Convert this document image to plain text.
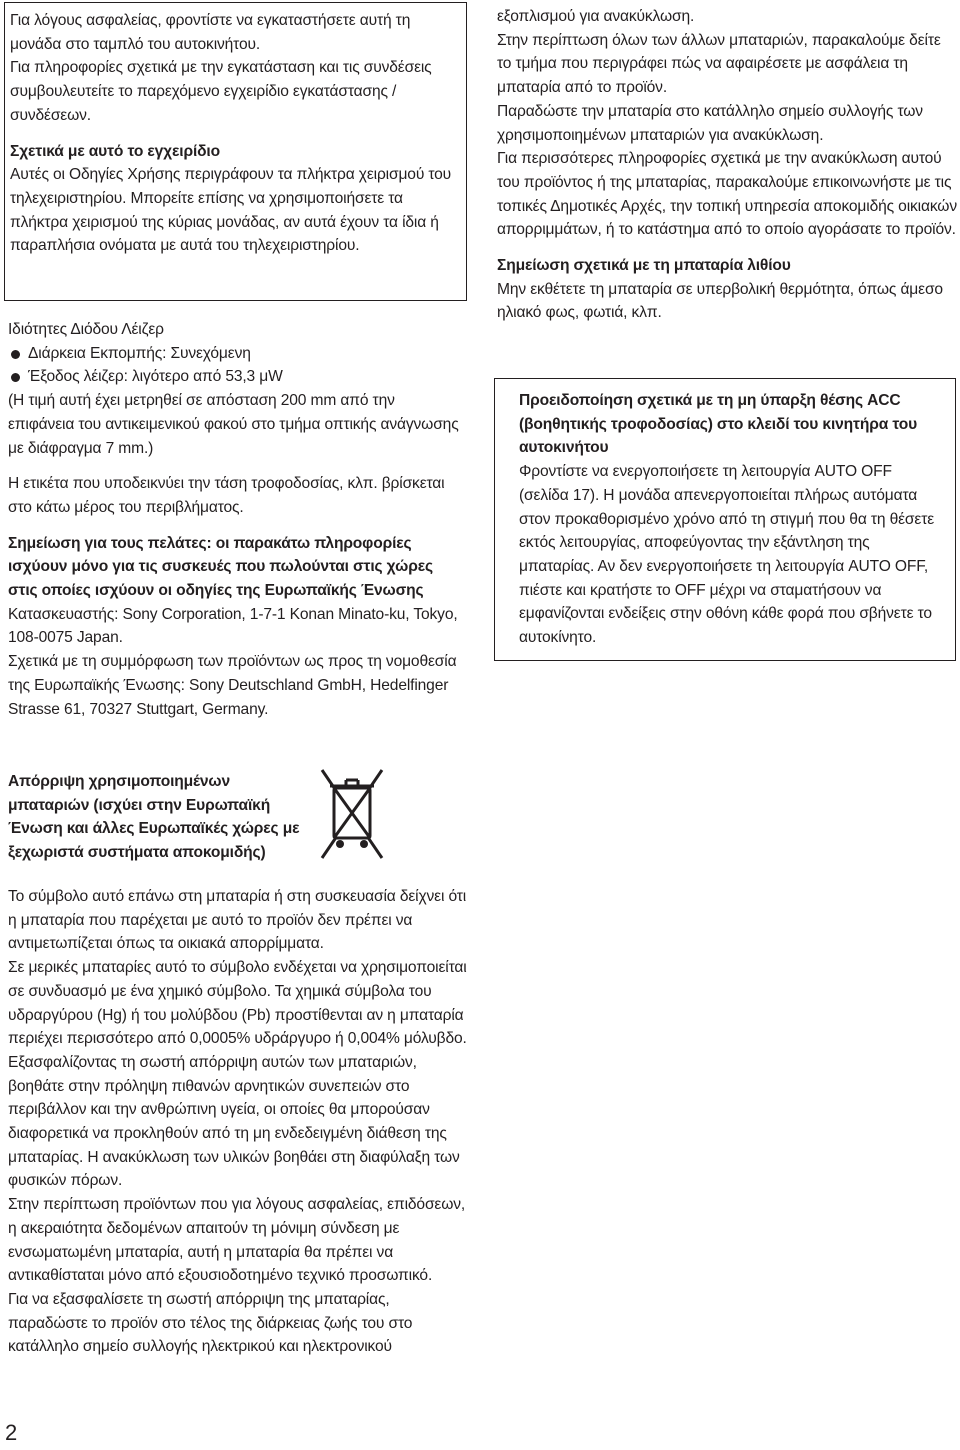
Για λόγους ασφαλείας, φροντίστε να εγκαταστήσετε αυτή τη μονάδα στο ταμπλό του αυτοκινήτου.

Για πληροφορίες σχετικά με την εγκατάσταση και τις συνδέσεις συμβουλευτείτε το παρεχόμενο εγχειρίδιο εγκατάστασης / συνδέσεων.

Σχετικά με αυτό το εγχειρίδιο

Αυτές οι Οδηγίες Χρήσης περιγράφουν τα πλήκτρα χειρισμού του τηλεχειριστηρίου. Μπορείτε επίσης να χρησιμοποιήσετε τα πλήκτρα χειρισμού της κύριας μονάδας, αν αυτά έχουν τα ίδια ή παρaπλήσια ονόματα με αυτά του τηλεχειριστηρίου.

Ιδιότητες Διόδου Λέιζερ

Διάρκεια Εκπομπής: Συνεχόμενη
Έξοδος λέιζερ: λιγότερο από 53,3 μW

(Η τιμή αυτή έχει μετρηθεί σε απόσταση 200 mm από την επιφάνεια του αντικειμενικού φακού στο τμήμα οπτικής ανάγνωσης με διάφραγμα 7 mm.)

Η ετικέτα που υποδεικνύει την τάση τροφοδοσίας, κλπ. βρίσκεται στο κάτω μέρος του περιβλήματος.

Σημείωση για τους πελάτες: οι παρακάτω πληροφορίες ισχύουν μόνο για τις συσκευές που πωλούνται στις χώρες στις οποίες ισχύουν οι οδηγίες της Ευρωπαϊκής Ένωσης

Κατασκευαστής: Sony Corporation, 1-7-1 Konan Minato-ku, Tokyo, 108-0075 Japan.

Σχετικά με τη συμμόρφωση των προϊόντων ως προς τη νομοθεσία της Ευρωπαϊκής Ένωσης: Sony Deutschland GmbH, Hedelfinger Strasse 61, 70327 Stuttgart, Germany.

Απόρριψη χρησιμοποιημένων μπαταριών (ισχύει στην Ευρωπαϊκή Ένωση και άλλες Ευρωπαϊκές χώρες με ξεχωριστά συστήματα αποκομιδής)

Το σύμβολο αυτό επάνω στη μπαταρία ή στη συσκευασία δείχνει ότι η μπαταρία που παρέχεται με αυτό το προϊόν δεν πρέπει να αντιμετωπίζεται όπως τα οικιακά απορρίμματα.

Σε μερικές μπαταρίες αυτό το σύμβολο ενδέχεται να χρησιμοποιείται σε συνδυασμό με ένα χημικό σύμβολο. Τα χημικά σύμβολα του υδραργύρου (Hg) ή του μολύβδου (Pb) προστίθενται αν η μπαταρία περιέχει περισσότερο από 0,0005% υδράργυρο ή 0,004% μόλυβδο.

Εξασφαλίζοντας τη σωστή απόρριψη αυτών των μπαταριών, βοηθάτε στην πρόληψη πιθανών αρνητικών συνεπειών στο περιβάλλον και την ανθρώπινη υγεία, οι οποίες θα μπορούσαν διαφορετικά να προκληθούν από τη μη ενδεδειγμένη διάθεση της μπαταρίας. Η ανακύκλωση των υλικών βοηθάει στη διαφύλαξη των φυσικών πόρων.

Στην περίπτωση προϊόντων που για λόγους ασφαλείας, επιδόσεων, η ακεραιότητα δεδομένων απαιτούν τη μόνιμη σύνδεση με ενσωματωμένη μπαταρία, αυτή η μπαταρία θα πρέπει να αντικαθίσταται μόνο από εξουσιοδοτημένο τεχνικό προσωπικό.

Για να εξασφαλίσετε τη σωστή απόρριψη της μπαταρίας, παραδώστε το προϊόν στο τέλος της διάρκειας ζωής του στο κατάλληλο σημείο συλλογής ηλεκτρικού και ηλεκτρονικού

εξοπλισμού για ανακύκλωση.

Στην περίπτωση όλων των άλλων μπαταριών, παρακαλούμε δείτε το τμήμα που περιγράφει πώς να αφαιρέσετε με ασφάλεια τη μπαταρία από το προϊόν.

Παραδώστε την μπαταρία στο κατάλληλο σημείο συλλογής των χρησιμοποιημένων μπαταριών για ανακύκλωση.

Για περισσότερες πληροφορίες σχετικά με την ανακύκλωση αυτού του προϊόντος ή της μπαταρίας, παρακαλούμε επικοινωνήστε με τις τοπικές Δημοτικές Αρχές, την τοπική υπηρεσία αποκομιδής οικιακών απορριμμάτων, ή το κατάστημα από το οποίο αγοράσατε το προϊόν.

Σημείωση σχετικά με τη μπαταρία λιθίου

Μην εκθέτετε τη μπαταρία σε υπερβολική θερμότητα, όπως άμεσο ηλιακό φως, φωτιά, κλπ.

Προειδοποίηση σχετικά με τη μη ύπαρξη θέσης ACC (βοηθητικής τροφοδοσίας) στο κλειδί του κινητήρα του αυτοκινήτου

Φροντίστε να ενεργοποιήσετε τη λειτουργία AUTO OFF (σελίδα 17). Η μονάδα απενεργοποιείται πλήρως αυτόματα στον προκαθορισμένο χρόνο από τη στιγμή που θα τη θέσετε εκτός λειτουργίας, αποφεύγοντας την εξάντληση της μπαταρίας. Αν δεν ενεργοποιήσετε τη λειτουργία AUTO OFF, πιέστε και κρατήστε το OFF μέχρι να σταματήσουν να εμφανίζονται ενδείξεις στην οθόνη κάθε φορά που σβήνετε το αυτοκίνητο.

2
